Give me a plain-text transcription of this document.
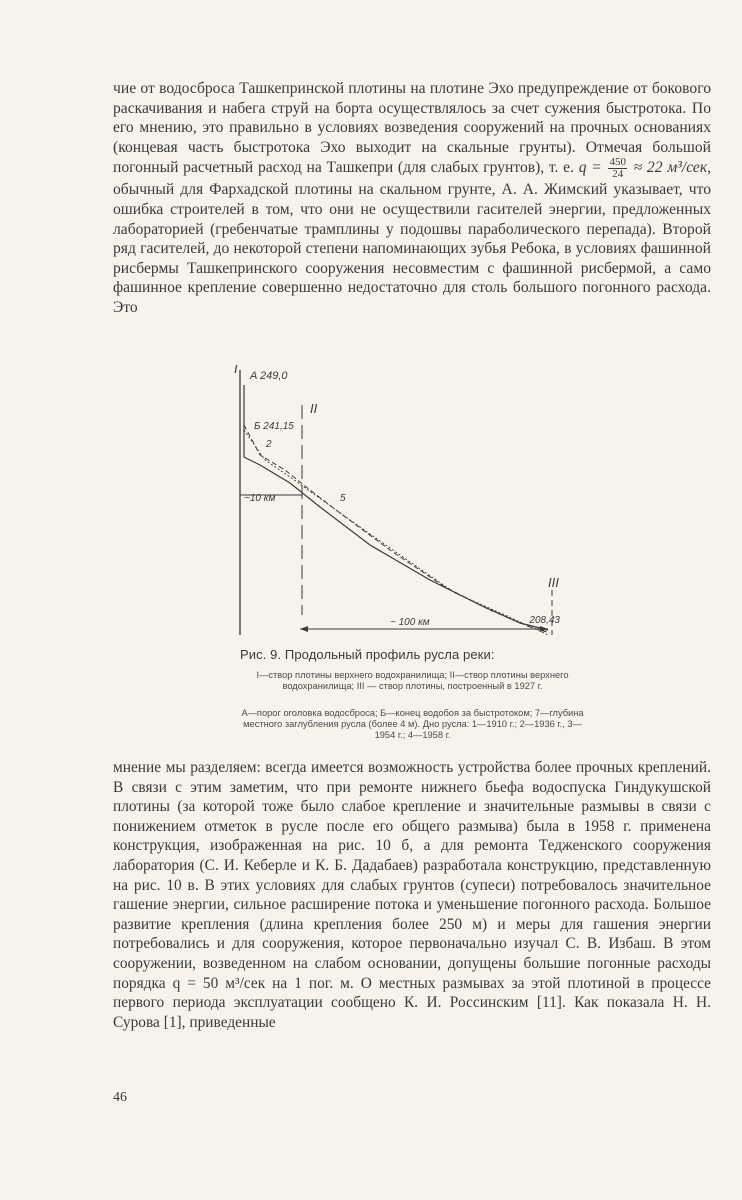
чие от водосброса Ташкепринской плотины на плотине Эхо предупреждение от бокового раскачивания и набега струй на борта осуществлялось за счет сужения быстротока. По его мнению, это правильно в условиях возведения сооружений на прочных основаниях (концевая часть быстротока Эхо выходит на скальные грунты). Отмечая большой погонный расчетный расход на Ташкепри (для слабых грунтов), т. е. $q = \frac{450}{24} \approx 22$ м³/сек, обычный для Фархадской плотины на скальном грунте, А. А. Жимский указывает, что ошибка строителей в том, что они не осуществили гасителей энергии, предложенных лабораторией (гребенчатые трамплины у подошвы параболического перепада). Второй ряд гасителей, до некоторой степени напоминающих зубья Ребока, в условиях фашинной рисбермы Ташкепринского сооружения несовместим с фашинной рисбермой, а само фашинное крепление совершенно недостаточно для столь большого погонного расхода. Это

I A 249,0
II
Б 241,15
2
~10 км	5
III
~ 100 км	208,43
Рис. 9. Продольный профиль русла реки:
I—створ плотины верхнего водохранилища; II—створ плотины верхнего водохранилища; III — створ плотины, построенный в 1927 г.
А—порог оголовка водосброса; Б—конец водобоя за быстротоком; 7—глубина местного заглубления русла (более 4 м). Дно русла: 1—1910 г.; 2—1936 г., 3—1954 г.; 4—1958 г.

мнение мы разделяем: всегда имеется возможность устройства более прочных креплений. В связи с этим заметим, что при ремонте нижнего бьефа водоспуска Гиндукушской плотины (за которой тоже было слабое крепление и значительные размывы в связи с понижением отметок в русле после его общего размыва) была в 1958 г. применена конструкция, изображенная на рис. 10 б, а для ремонта Тедженского сооружения лаборатория (С. И. Кеберле и К. Б. Дадабаев) разработала конструкцию, представленную на рис. 10 в. В этих условиях для слабых грунтов (супеси) потребовалось значительное гашение энергии, сильное расширение потока и уменьшение погонного расхода. Большое развитие крепления (длина крепления более 250 м) и меры для гашения энергии потребовались и для сооружения, которое первоначально изучал С. В. Избаш. В этом сооружении, возведенном на слабом основании, допущены большие погонные расходы порядка q = 50 м³/сек на 1 пог. м. О местных размывах за этой плотиной в процессе первого периода эксплуатации сообщено К. И. Россинским [11]. Как показала Н. Н. Сурова [1], приведенные

46
